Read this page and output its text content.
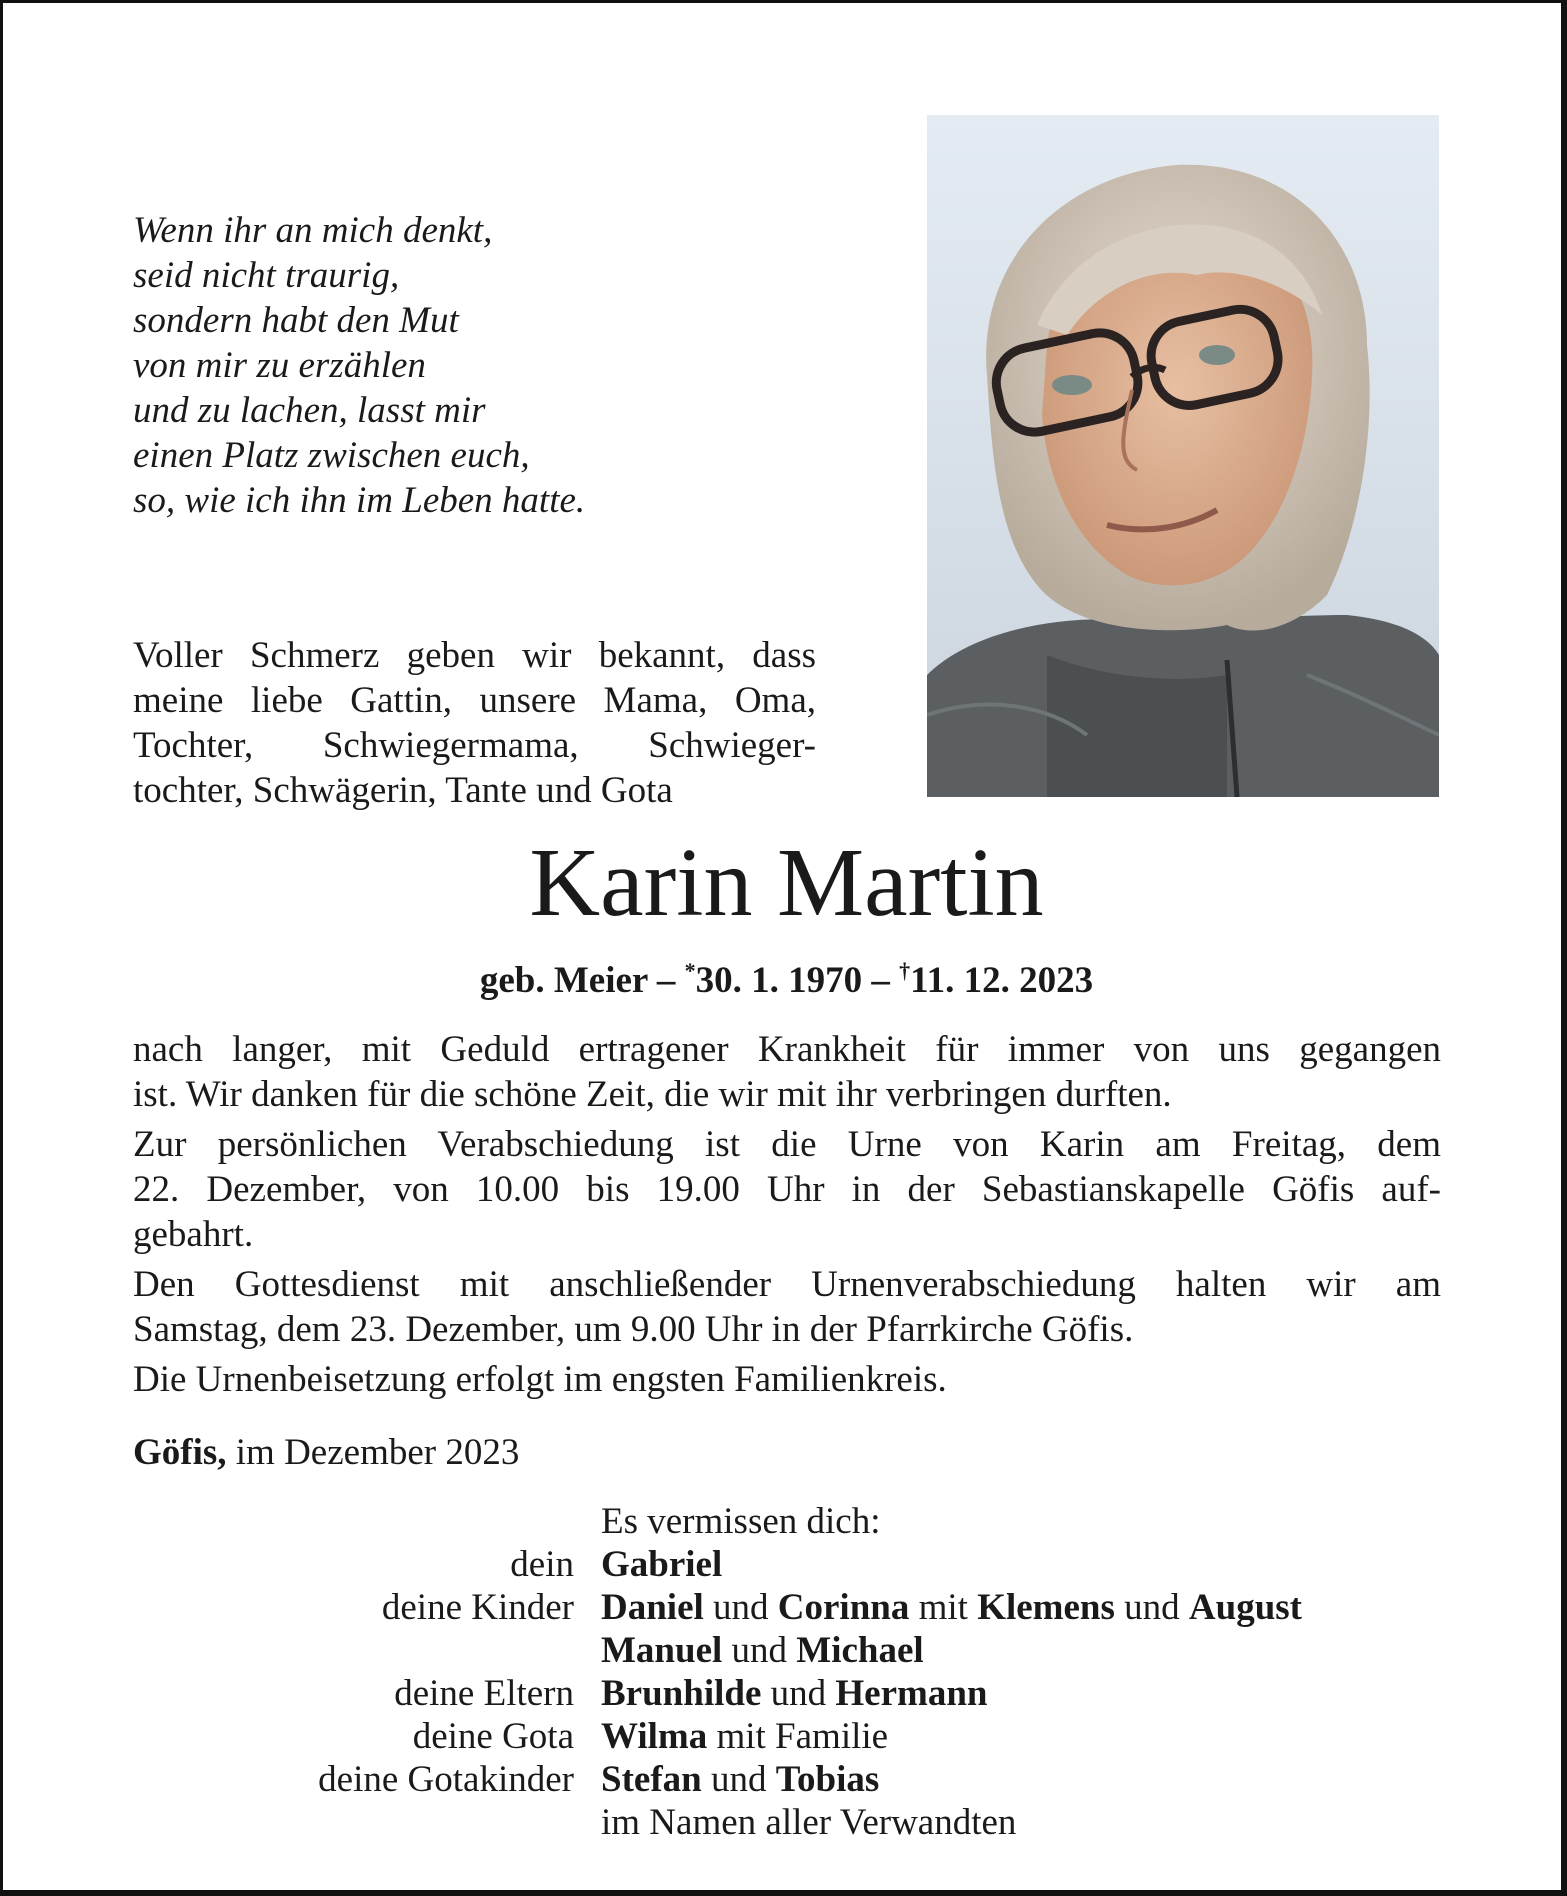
Wenn ihr an mich denkt,
seid nicht traurig,
sondern habt den Mut
von mir zu erzählen
und zu lachen, lasst mir
einen Platz zwischen euch,
so, wie ich ihn im Leben hatte.
Voller Schmerz geben wir bekannt, dass
meine liebe Gattin, unsere Mama, Oma,
Tochter, Schwiegermama, Schwieger-
tochter, Schwägerin, Tante und Gota
Karin Martin
geb. Meier – *30. 1. 1970 – †11. 12. 2023
nach langer, mit Geduld ertragener Krankheit für immer von uns gegangen
ist. Wir danken für die schöne Zeit, die wir mit ihr verbringen durften.
Zur persönlichen Verabschiedung ist die Urne von Karin am Freitag, dem
22. Dezember, von 10.00 bis 19.00 Uhr in der Sebastianskapelle Göfis auf-
gebahrt.
Den Gottesdienst mit anschließender Urnenverabschiedung halten wir am
Samstag, dem 23. Dezember, um 9.00 Uhr in der Pfarrkirche Göfis.
Die Urnenbeisetzung erfolgt im engsten Familienkreis.
Göfis, im Dezember 2023
Es vermissen dich:
dein Gabriel
deine Kinder Daniel und Corinna mit Klemens und August
Manuel und Michael
deine Eltern Brunhilde und Hermann
deine Gota Wilma mit Familie
deine Gotakinder Stefan und Tobias
im Namen aller Verwandten
